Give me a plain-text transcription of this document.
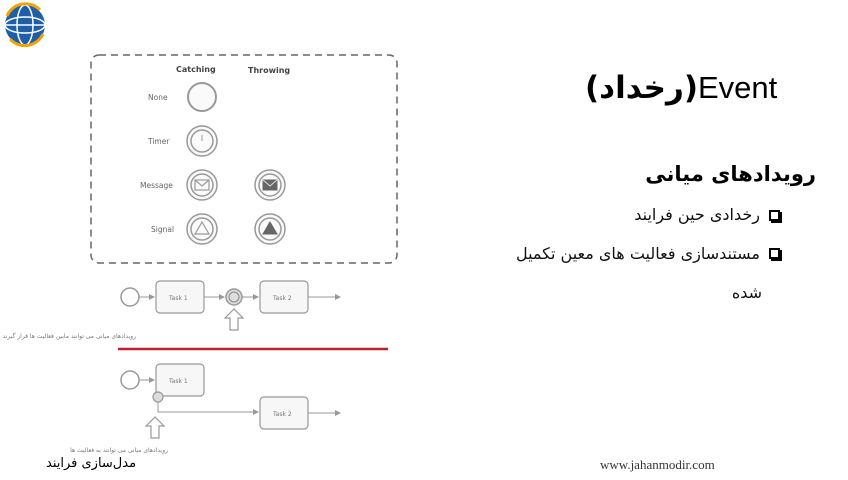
(رخداد)Event
رویدادهای میانی
رخدادی حین فرایند
مستندسازی فعالیت های معین تکمیل
شده
Catching	Throwing
None
Timer
Message
Signal
Task 1	Task 2
رویدادهای میانی می توانند مابین فعالیت ها قرار گیرند
Task 1
Task 2
رویدادهای میانی می توانند به فعالیت ها
مدل‌سازی فرایند	www.jahanmodir.com
